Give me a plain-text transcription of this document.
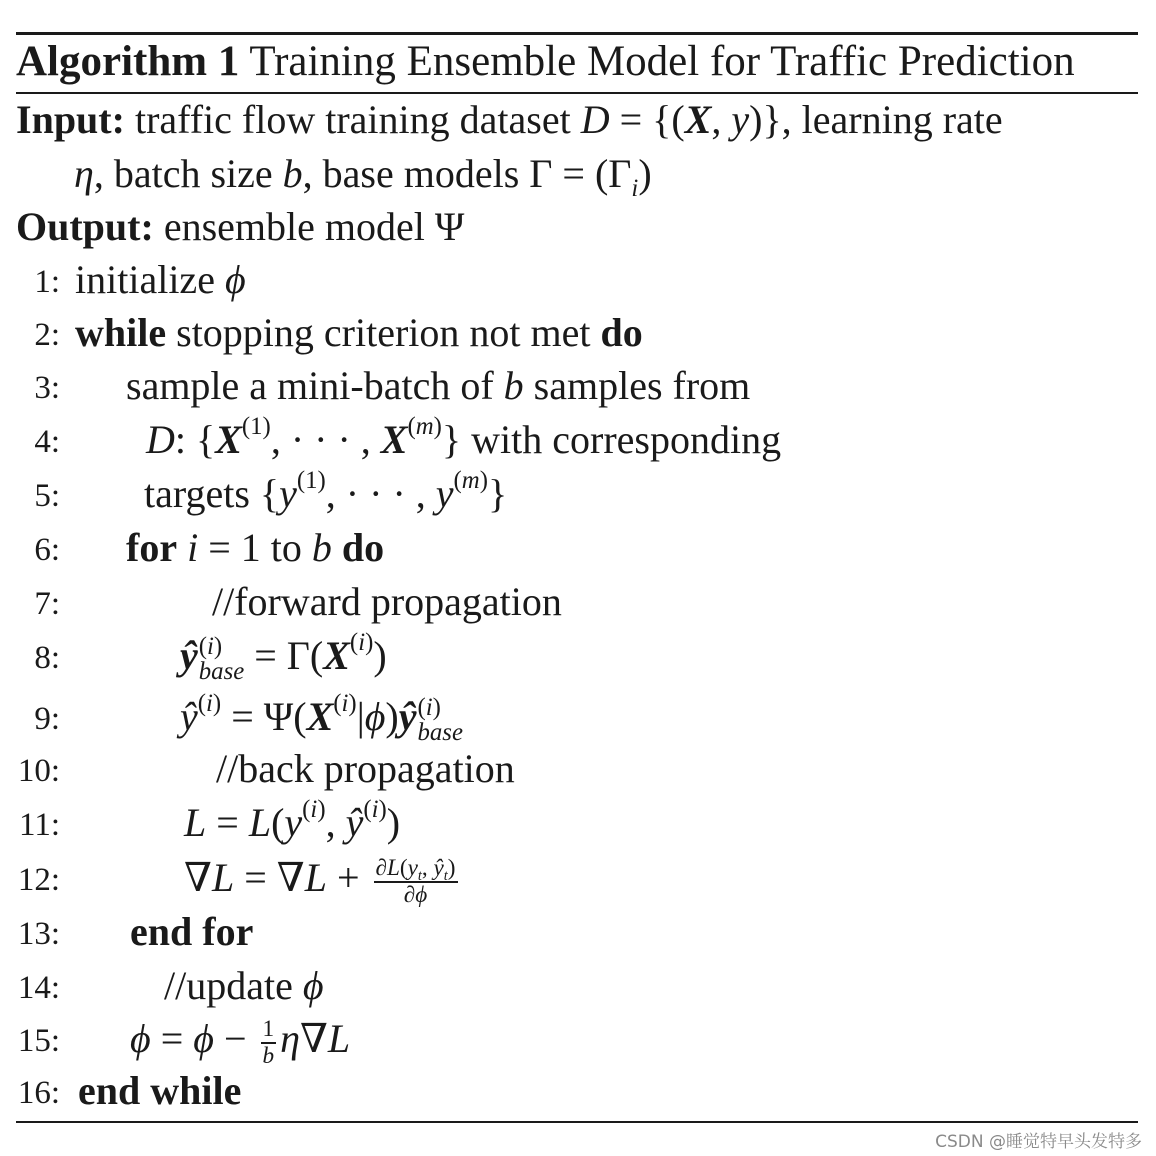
Algorithm 1 Training Ensemble Model for Traffic Prediction
Input: traffic flow training dataset D = {(X, y)}, learning rate
η, batch size b, base models $\Gamma = (\Gamma_i)$
Output: ensemble model Ψ
1: initialize ϕ
2: while stopping criterion not met do
3: sample a mini-batch of b samples from
4: D: {$X^{(1)}$, · · · , $X^{(m)}$} with corresponding
5: targets {$y^{(1)}$, · · · , $y^{(m)}$}
6: for i = 1 to b do
7:	//forward propagation
8:	ŷ (i)
base = $\Gamma(X^{(i)})$
9:	$ŷ^{(i)}$ = $\Psi(X^{(i)}|\phi)ŷ$ (i)
base
10:	//back propagation
11:	$L = L(y^{(i)}$, $ŷ^{(i)}$)
12:	$\nabla L = \nabla L + \frac{\partial L(y_t, ŷ_t)}{\partial\phi}$
13: end for
14:	//update ϕ
15: $\phi = \phi - \frac{1}{b} \eta\nabla L$
16: end while
CSDN @睡觉特早头发特多
